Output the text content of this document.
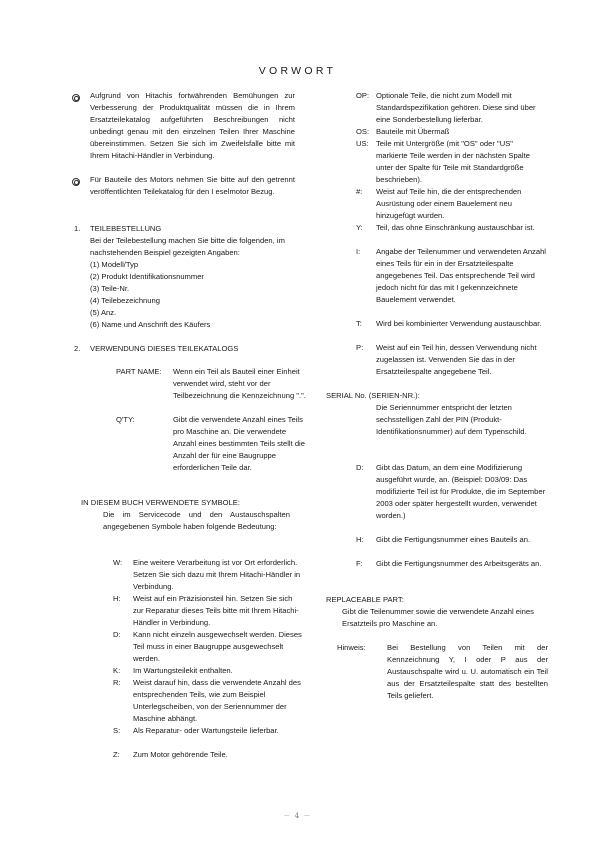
VORWORT
Aufgrund von Hitachis fortwährenden Bemühungen zur Verbesserung der Produktqualität müssen die in Ihrem Ersatzteilekatalog aufgeführten Beschreibungen nicht unbedingt genau mit den einzelnen Teilen Ihrer Maschine übereinstimmen. Setzen Sie sich im Zweifelsfalle bitte mit Ihrem Hitachi-Händler in Verbindung.
Für Bauteile des Motors nehmen Sie bitte auf den getrennt veröffentlichten Teilekatalog für den I eselmotor Bezug.
1. TEILEBESTELLUNG
Bei der Teilebestellung machen Sie bitte die folgenden, im nachstehenden Beispiel gezeigten Angaben:
(1) Modell/Typ
(2) Produkt Identifikationsnummer
(3) Teile-Nr.
(4) Teilebezeichnung
(5) Anz.
(6) Name und Anschrift des Käufers
2. VERWENDUNG DIESES TEILEKATALOGS
PART NAME: Wenn ein Teil als Bauteil einer Einheit verwendet wird, steht vor der Teilbezeichnung die Kennzeichnung ".".
Q'TY:	Gibt die verwendete Anzahl eines Teils pro Maschine an. Die verwendete Anzahl eines bestimmten Teils stellt die Anzahl der für eine Baugruppe erforderlichen Teile dar.
IN DIESEM BUCH VERWENDETE SYMBOLE:
Die im Servicecode und den Austauschspalten angegebenen Symbole haben folgende Bedeutung:
W: Eine weitere Verarbeitung ist vor Ort erforderlich. Setzen Sie sich dazu mit Ihrem Hitachi-Händler in Verbindung.
H: Weist auf ein Präzisionsteil hin. Setzen Sie sich zur Reparatur dieses Teils bitte mit Ihrem Hitachi-Händler in Verbindung.
D: Kann nicht einzeln ausgewechselt werden. Dieses Teil muss in einer Baugruppe ausgewechselt werden.
K: Im Wartungsteilekit enthalten.
R: Weist darauf hin, dass die verwendete Anzahl des entsprechenden Teils, wie zum Beispiel Unterlegscheiben, von der Seriennummer der Maschine abhängt.
S: Als Reparatur- oder Wartungsteile lieferbar.
Z: Zum Motor gehörende Teile.
OP: Optionale Teile, die nicht zum Modell mit Standardspezifikation gehören. Diese sind über eine Sonderbestellung lieferbar.
OS: Bauteile mit Übermaß
US: Teile mit Untergröße (mit "OS" oder "US" markierte Teile werden in der nächsten Spalte unter der Spalte für Teile mit Standardgröße beschrieben).
#: Weist auf Teile hin, die der entsprechenden Ausrüstung oder einem Bauelement neu hinzugefügt wurden.
Y: Teil, das ohne Einschränkung austauschbar ist.
I: Angabe der Teilenummer und verwendeten Anzahl eines Teils für ein in der Ersatzteilespalte angegebenes Teil. Das entsprechende Teil wird jedoch nicht für das mit I gekennzeichnete Bauelement verwendet.
T: Wird bei kombinierter Verwendung austauschbar.
P: Weist auf ein Teil hin, dessen Verwendung nicht zugelassen ist. Verwenden Sie das in der Ersatzteilespalte angegebene Teil.
SERIAL No. (SERIEN-NR.):
Die Seriennummer entspricht der letzten sechsstelligen Zahl der PIN (Produkt-Identifikationsnummer) auf dem Typenschild.
D: Gibt das Datum, an dem eine Modifizierung ausgeführt wurde, an. (Beispiel: D03/09: Das modifizierte Teil ist für Produkte, die im September 2003 oder später hergestellt wurden, verwendet worden.)
H: Gibt die Fertigungsnummer eines Bauteils an.
F: Gibt die Fertigungsnummer des Arbeitsgeräts an.
REPLACEABLE PART:
Gibt die Teilenummer sowie die verwendete Anzahl eines Ersatzteils pro Maschine an.
Hinweis:	Bei Bestellung von Teilen mit der Kennzeichnung Y, I oder P aus der Austauschspalte wird u. U. automatisch ein Teil aus der Ersatzteilespalte statt des bestellten Teils geliefert.
－ 4 －
